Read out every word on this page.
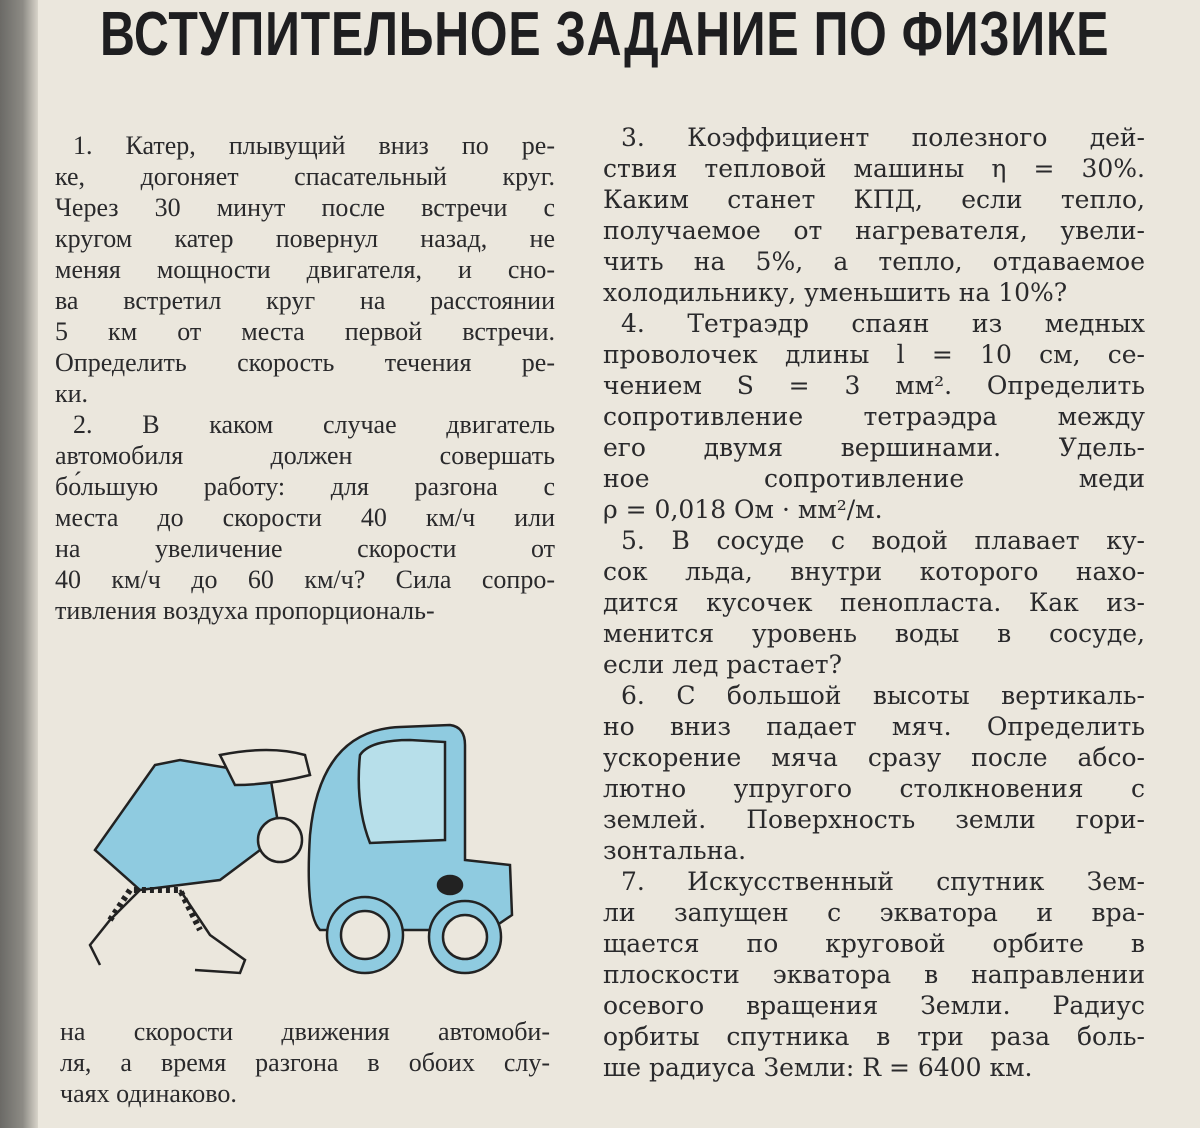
ВСТУПИТЕЛЬНОЕ ЗАДАНИЕ ПО ФИЗИКЕ
1. Катер, плывущий вниз по ре-
ке, догоняет спасательный круг.
Через 30 минут после встречи с
кругом катер повернул назад, не
меняя мощности двигателя, и сно-
ва встретил круг на расстоянии
5 км от места первой встречи.
Определить скорость течения ре-
ки.
2. В каком случае двигатель
автомобиля должен совершать
бо́льшую работу: для разгона с
места до скорости 40 км/ч или
на увеличение скорости от
40 км/ч до 60 км/ч? Сила сопро-
тивления воздуха пропорциональ-
на скорости движения автомоби-
ля, а время разгона в обоих слу-
чаях одинаково.
3. Коэффициент полезного дей-
ствия тепловой машины η = 30%.
Каким станет КПД, если тепло,
получаемое от нагревателя, увели-
чить на 5%, а тепло, отдаваемое
холодильнику, уменьшить на 10%?
4. Тетраэдр спаян из медных
проволочек длины l = 10 см, се-
чением S = 3 мм². Определить
сопротивление тетраэдра между
его двумя вершинами. Удель-
ное сопротивление меди
ρ = 0,018 Ом · мм²/м.
5. В сосуде с водой плавает ку-
сок льда, внутри которого нахо-
дится кусочек пенопласта. Как из-
менится уровень воды в сосуде,
если лед растает?
6. С большой высоты вертикаль-
но вниз падает мяч. Определить
ускорение мяча сразу после абсо-
лютно упругого столкновения с
землей. Поверхность земли гори-
зонтальна.
7. Искусственный спутник Зем-
ли запущен с экватора и вра-
щается по круговой орбите в
плоскости экватора в направлении
осевого вращения Земли. Радиус
орбиты спутника в три раза боль-
ше радиуса Земли: R = 6400 км.
